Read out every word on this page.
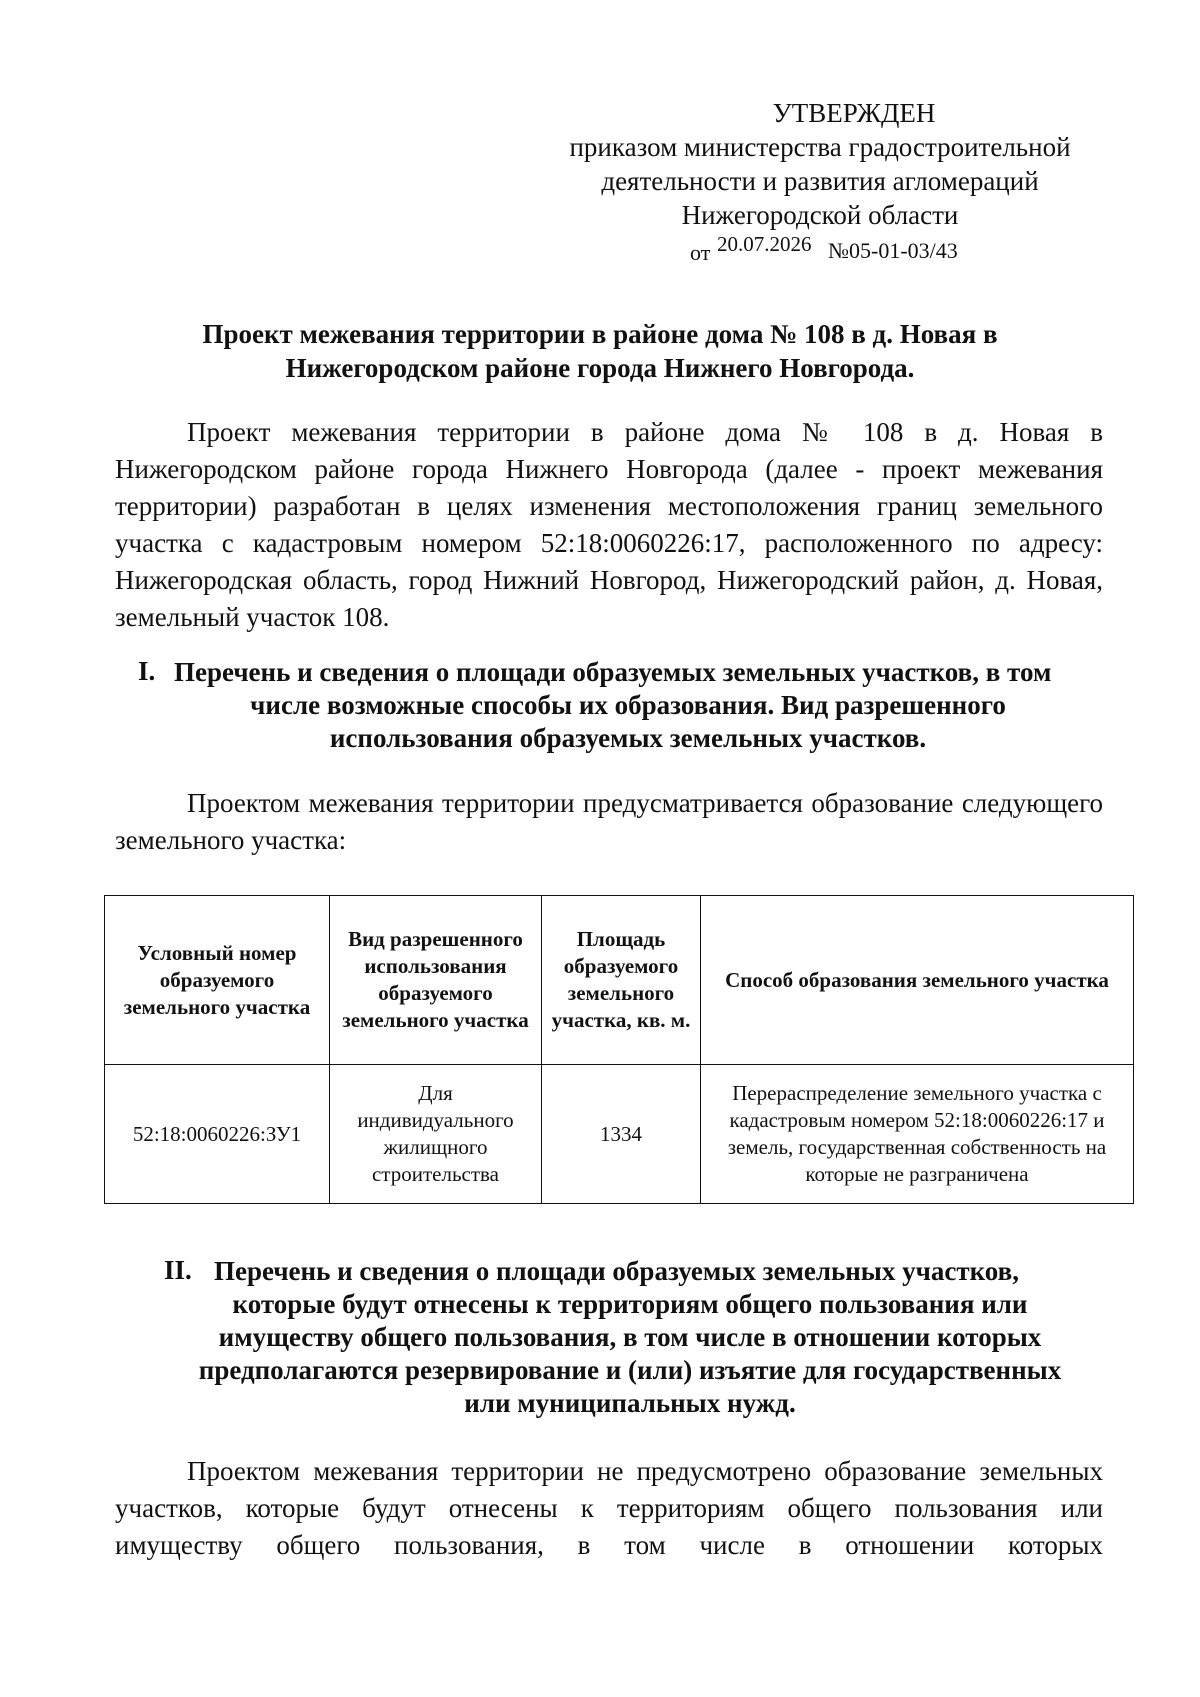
УТВЕРЖДЕН
приказом министерства градостроительной
деятельности и развития агломераций
Нижегородской области
от 20.07.2026 №05-01-03/43
Проект межевания территории в районе дома № 108 в д. Новая в
Нижегородском районе города Нижнего Новгорода.
Проект межевания территории в районе дома № 108 в д. Новая в Нижегородском районе города Нижнего Новгорода (далее - проект межевания территории) разработан в целях изменения местоположения границ земельного участка с кадастровым номером 52:18:0060226:17, расположенного по адресу: Нижегородская область, город Нижний Новгород, Нижегородский район, д. Новая, земельный участок 108.
I. Перечень и сведения о площади образуемых земельных участков, в том
числе возможные способы их образования. Вид разрешенного
использования образуемых земельных участков.
Проектом межевания территории предусматривается образование следующего земельного участка:
Условный номер образуемого земельного участка	Вид разрешенного использования образуемого земельного участка	Площадь образуемого земельного участка, кв. м.	Способ образования земельного участка
52:18:0060226:ЗУ1	Для индивидуального жилищного строительства	1334	Перераспределение земельного участка с кадастровым номером 52:18:0060226:17 и земель, государственная собственность на которые не разграничена
II. Перечень и сведения о площади образуемых земельных участков,
которые будут отнесены к территориям общего пользования или
имуществу общего пользования, в том числе в отношении которых
предполагаются резервирование и (или) изъятие для государственных
или муниципальных нужд.
Проектом межевания территории не предусмотрено образование земельных участков, которые будут отнесены к территориям общего пользования или имуществу общего пользования, в том числе в отношении которых
